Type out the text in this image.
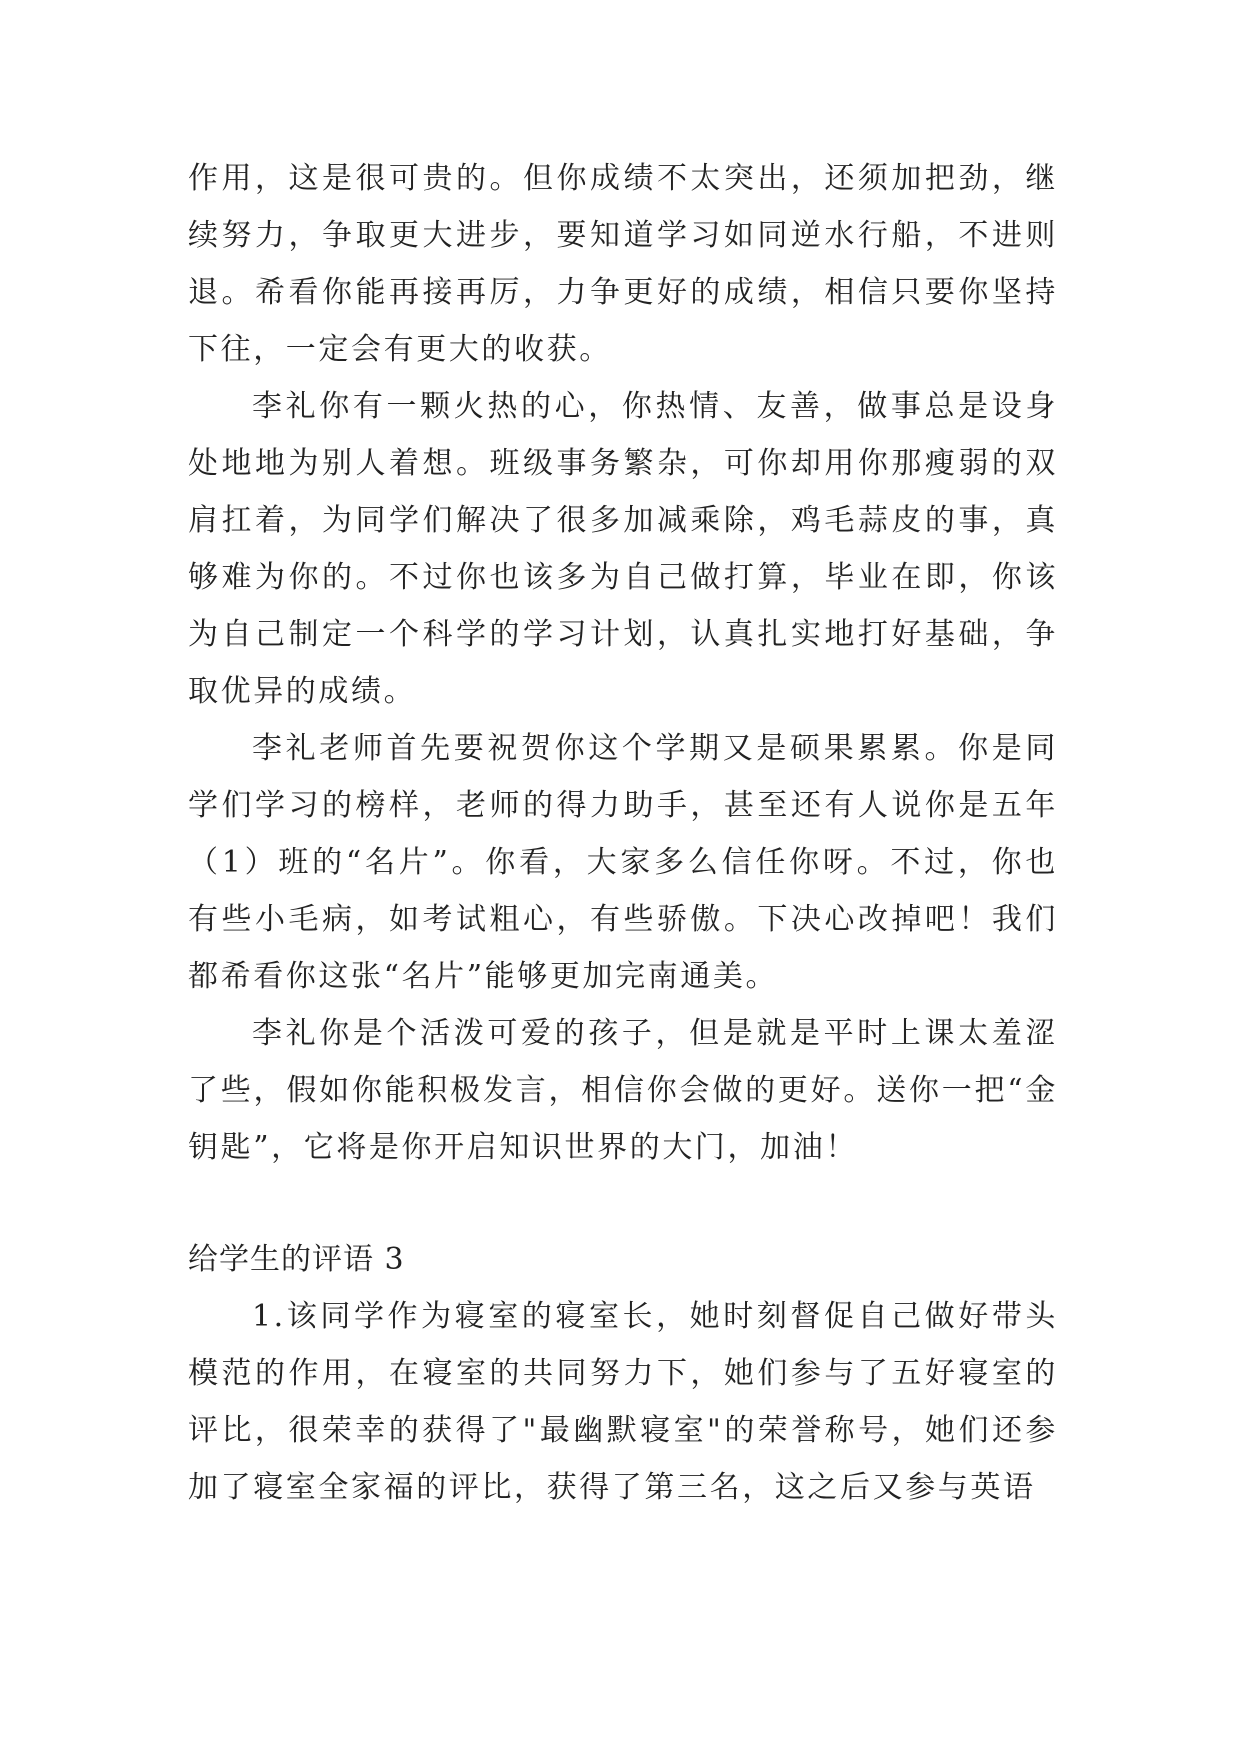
作用，这是很可贵的。但你成绩不太突出，还须加把劲，继续努力，争取更大进步，要知道学习如同逆水行船，不进则退。希看你能再接再厉，力争更好的成绩，相信只要你坚持下往，一定会有更大的收获。

李礼你有一颗火热的心，你热情、友善，做事总是设身处地地为别人着想。班级事务繁杂，可你却用你那瘦弱的双肩扛着，为同学们解决了很多加减乘除，鸡毛蒜皮的事，真够难为你的。不过你也该多为自己做打算，毕业在即，你该为自己制定一个科学的学习计划，认真扎实地打好基础，争取优异的成绩。

李礼老师首先要祝贺你这个学期又是硕果累累。你是同学们学习的榜样，老师的得力助手，甚至还有人说你是五年（1）班的“名片”。你看，大家多么信任你呀。不过，你也有些小毛病，如考试粗心，有些骄傲。下决心改掉吧！我们都希看你这张“名片”能够更加完南通美。

李礼你是个活泼可爱的孩子，但是就是平时上课太羞涩了些，假如你能积极发言，相信你会做的更好。送你一把“金钥匙”，它将是你开启知识世界的大门，加油！

给学生的评语 3

1.该同学作为寝室的寝室长，她时刻督促自己做好带头模范的作用，在寝室的共同努力下，她们参与了五好寝室的评比，很荣幸的获得了"最幽默寝室"的荣誉称号，她们还参加了寝室全家福的评比，获得了第三名，这之后又参与英语
